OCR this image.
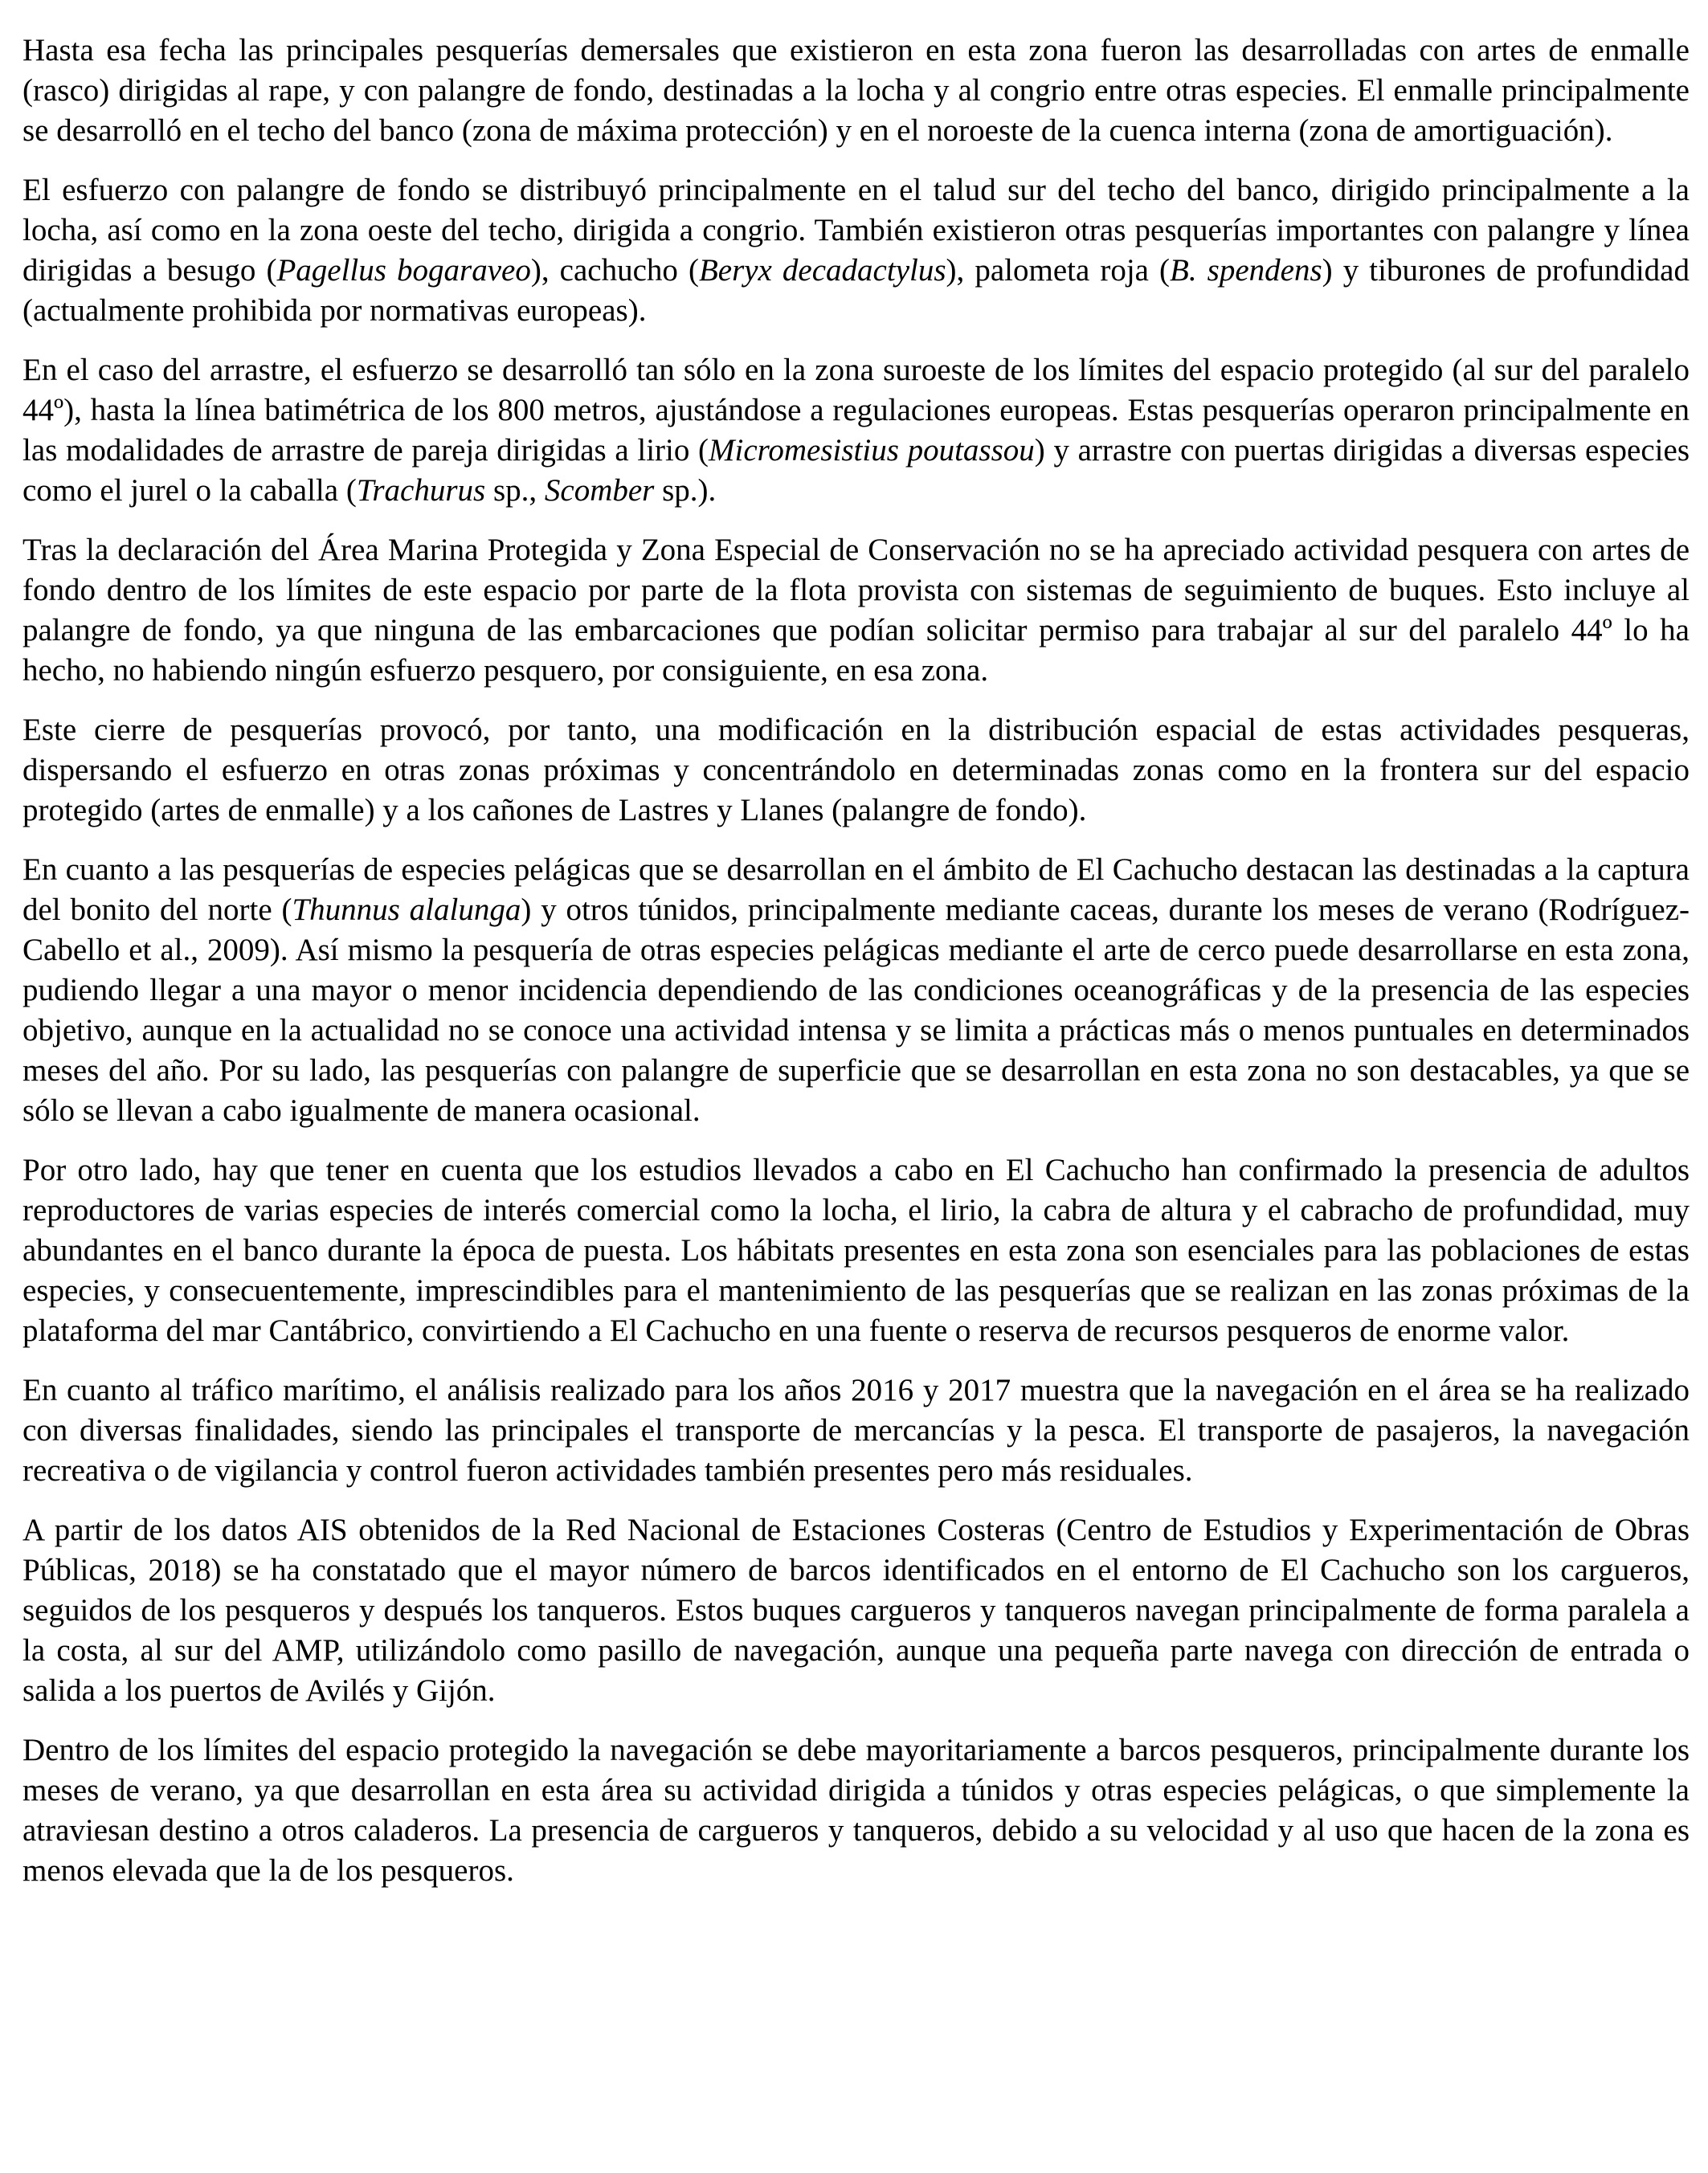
Hasta esa fecha las principales pesquerías demersales que existieron en esta zona fueron las desarrolladas con artes de enmalle (rasco) dirigidas al rape, y con palangre de fondo, destinadas a la locha y al congrio entre otras especies. El enmalle principalmente se desarrolló en el techo del banco (zona de máxima protección) y en el noroeste de la cuenca interna (zona de amortiguación).

El esfuerzo con palangre de fondo se distribuyó principalmente en el talud sur del techo del banco, dirigido principalmente a la locha, así como en la zona oeste del techo, dirigida a congrio. También existieron otras pesquerías importantes con palangre y línea dirigidas a besugo (Pagellus bogaraveo), cachucho (Beryx decadactylus), palometa roja (B. spendens) y tiburones de profundidad (actualmente prohibida por normativas europeas).

En el caso del arrastre, el esfuerzo se desarrolló tan sólo en la zona suroeste de los límites del espacio protegido (al sur del paralelo 44º), hasta la línea batimétrica de los 800 metros, ajustándose a regulaciones europeas. Estas pesquerías operaron principalmente en las modalidades de arrastre de pareja dirigidas a lirio (Micromesistius poutassou) y arrastre con puertas dirigidas a diversas especies como el jurel o la caballa (Trachurus sp., Scomber sp.).

Tras la declaración del Área Marina Protegida y Zona Especial de Conservación no se ha apreciado actividad pesquera con artes de fondo dentro de los límites de este espacio por parte de la flota provista con sistemas de seguimiento de buques. Esto incluye al palangre de fondo, ya que ninguna de las embarcaciones que podían solicitar permiso para trabajar al sur del paralelo 44º lo ha hecho, no habiendo ningún esfuerzo pesquero, por consiguiente, en esa zona.

Este cierre de pesquerías provocó, por tanto, una modificación en la distribución espacial de estas actividades pesqueras, dispersando el esfuerzo en otras zonas próximas y concentrándolo en determinadas zonas como en la frontera sur del espacio protegido (artes de enmalle) y a los cañones de Lastres y Llanes (palangre de fondo).

En cuanto a las pesquerías de especies pelágicas que se desarrollan en el ámbito de El Cachucho destacan las destinadas a la captura del bonito del norte (Thunnus alalunga) y otros túnidos, principalmente mediante caceas, durante los meses de verano (Rodríguez-Cabello et al., 2009). Así mismo la pesquería de otras especies pelágicas mediante el arte de cerco puede desarrollarse en esta zona, pudiendo llegar a una mayor o menor incidencia dependiendo de las condiciones oceanográficas y de la presencia de las especies objetivo, aunque en la actualidad no se conoce una actividad intensa y se limita a prácticas más o menos puntuales en determinados meses del año. Por su lado, las pesquerías con palangre de superficie que se desarrollan en esta zona no son destacables, ya que se sólo se llevan a cabo igualmente de manera ocasional.

Por otro lado, hay que tener en cuenta que los estudios llevados a cabo en El Cachucho han confirmado la presencia de adultos reproductores de varias especies de interés comercial como la locha, el lirio, la cabra de altura y el cabracho de profundidad, muy abundantes en el banco durante la época de puesta. Los hábitats presentes en esta zona son esenciales para las poblaciones de estas especies, y consecuentemente, imprescindibles para el mantenimiento de las pesquerías que se realizan en las zonas próximas de la plataforma del mar Cantábrico, convirtiendo a El Cachucho en una fuente o reserva de recursos pesqueros de enorme valor.

En cuanto al tráfico marítimo, el análisis realizado para los años 2016 y 2017 muestra que la navegación en el área se ha realizado con diversas finalidades, siendo las principales el transporte de mercancías y la pesca. El transporte de pasajeros, la navegación recreativa o de vigilancia y control fueron actividades también presentes pero más residuales.

A partir de los datos AIS obtenidos de la Red Nacional de Estaciones Costeras (Centro de Estudios y Experimentación de Obras Públicas, 2018) se ha constatado que el mayor número de barcos identificados en el entorno de El Cachucho son los cargueros, seguidos de los pesqueros y después los tanqueros. Estos buques cargueros y tanqueros navegan principalmente de forma paralela a la costa, al sur del AMP, utilizándolo como pasillo de navegación, aunque una pequeña parte navega con dirección de entrada o salida a los puertos de Avilés y Gijón.

Dentro de los límites del espacio protegido la navegación se debe mayoritariamente a barcos pesqueros, principalmente durante los meses de verano, ya que desarrollan en esta área su actividad dirigida a túnidos y otras especies pelágicas, o que simplemente la atraviesan destino a otros caladeros. La presencia de cargueros y tanqueros, debido a su velocidad y al uso que hacen de la zona es menos elevada que la de los pesqueros.
